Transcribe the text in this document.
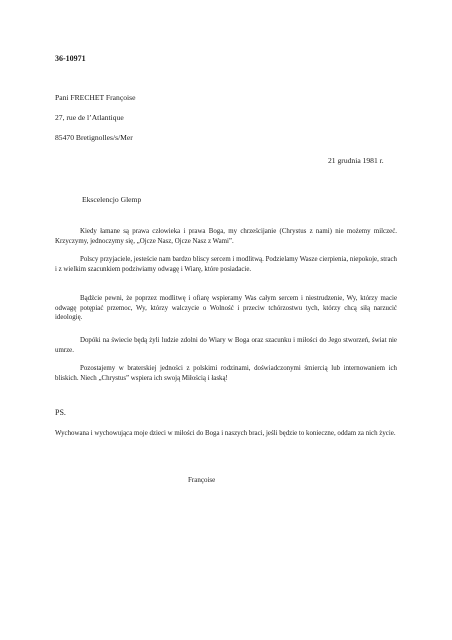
36-10971
Pani FRECHET Françoise
27, rue de l’Atlantique
85470 Bretignolles/s/Mer
21 grudnia 1981 r.
Ekscelencjo Glemp
Kiedy łamane są prawa człowieka i prawa Boga, my chrześcijanie (Chrystus z nami) nie możemy milczeć. Krzyczymy, jednoczymy się, „Ojcze Nasz, Ojcze Nasz z Wami”.
Polscy przyjaciele, jesteście nam bardzo bliscy sercem i modlitwą. Podzielamy Wasze cierpienia, niepokoje, strach i z wielkim szacunkiem podziwiamy odwagę i Wiarę, które posiadacie.
Bądźcie pewni, że poprzez modlitwę i ofiarę wspieramy Was całym sercem i niestrudzenie, Wy, którzy macie odwagę potępiać przemoc, Wy, którzy walczycie o Wolność i przeciw tchórzostwu tych, którzy chcą siłą narzucić ideologię.
Dopóki na świecie będą żyli ludzie zdolni do Wiary w Boga oraz szacunku i miłości do Jego stworzeń, świat nie umrze.
Pozostajemy w braterskiej jedności z polskimi rodzinami, doświadczonymi śmiercią lub internowaniem ich bliskich. Niech „Chrystus” wspiera ich swoją Miłością i łaską!
PS.
Wychowana i wychowująca moje dzieci w miłości do Boga i naszych braci, jeśli będzie to konieczne, oddam za nich życie.
Françoise
